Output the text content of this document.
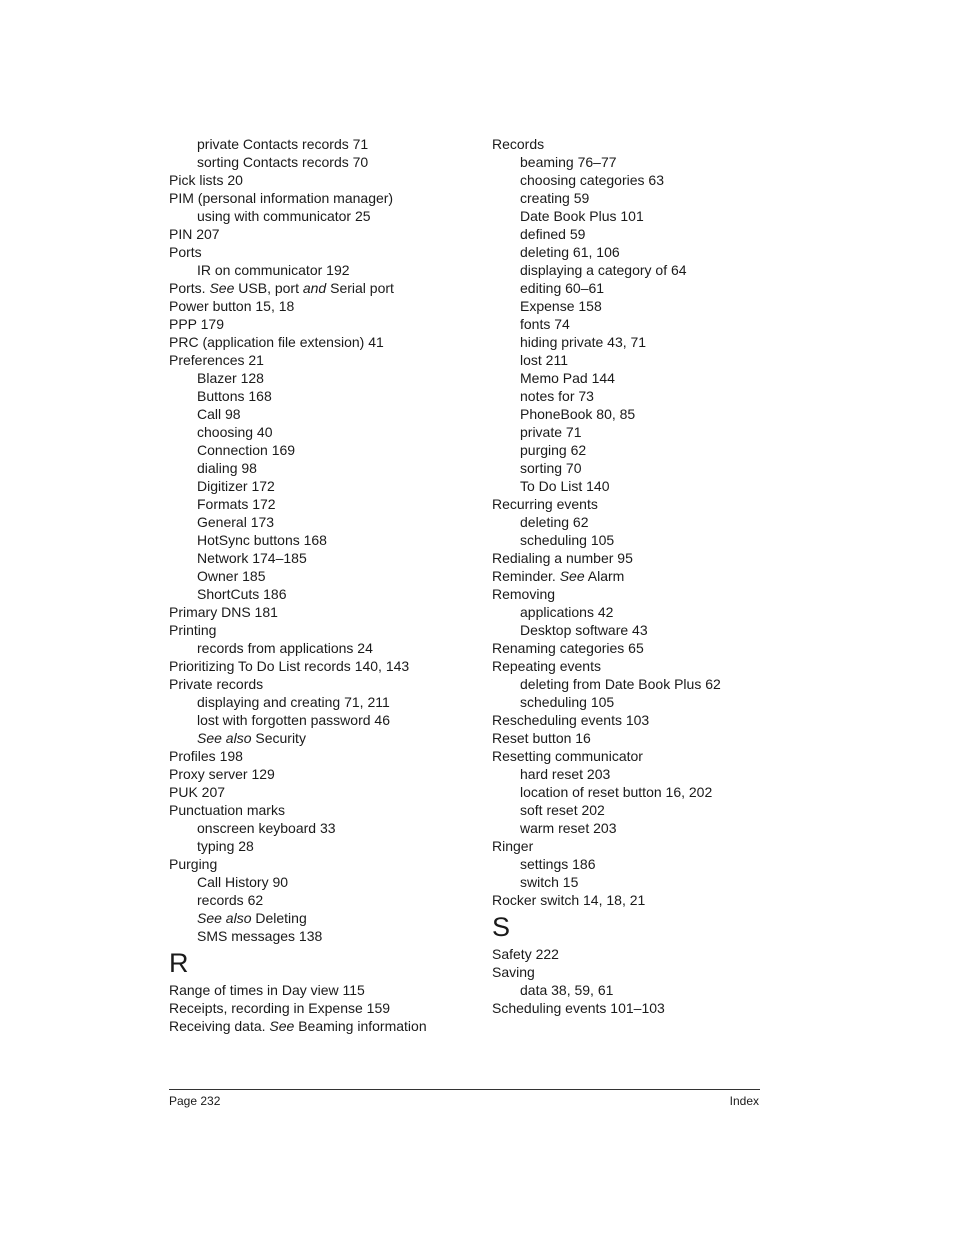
private Contacts records 71
sorting Contacts records 70
Pick lists 20
PIM (personal information manager)
using with communicator 25
PIN 207
Ports
IR on communicator 192
Ports. See USB, port and Serial port
Power button 15, 18
PPP 179
PRC (application file extension) 41
Preferences 21
Blazer 128
Buttons 168
Call 98
choosing 40
Connection 169
dialing 98
Digitizer 172
Formats 172
General 173
HotSync buttons 168
Network 174–185
Owner 185
ShortCuts 186
Primary DNS 181
Printing
records from applications 24
Prioritizing To Do List records 140, 143
Private records
displaying and creating 71, 211
lost with forgotten password 46
See also Security
Profiles 198
Proxy server 129
PUK 207
Punctuation marks
onscreen keyboard 33
typing 28
Purging
Call History 90
records 62
See also Deleting
SMS messages 138
R
Range of times in Day view 115
Receipts, recording in Expense 159
Receiving data. See Beaming information
Records
beaming 76–77
choosing categories 63
creating 59
Date Book Plus 101
defined 59
deleting 61, 106
displaying a category of 64
editing 60–61
Expense 158
fonts 74
hiding private 43, 71
lost 211
Memo Pad 144
notes for 73
PhoneBook 80, 85
private 71
purging 62
sorting 70
To Do List 140
Recurring events
deleting 62
scheduling 105
Redialing a number 95
Reminder. See Alarm
Removing
applications 42
Desktop software 43
Renaming categories 65
Repeating events
deleting from Date Book Plus 62
scheduling 105
Rescheduling events 103
Reset button 16
Resetting communicator
hard reset 203
location of reset button 16, 202
soft reset 202
warm reset 203
Ringer
settings 186
switch 15
Rocker switch 14, 18, 21
S
Safety 222
Saving
data 38, 59, 61
Scheduling events 101–103
Page 232	Index
